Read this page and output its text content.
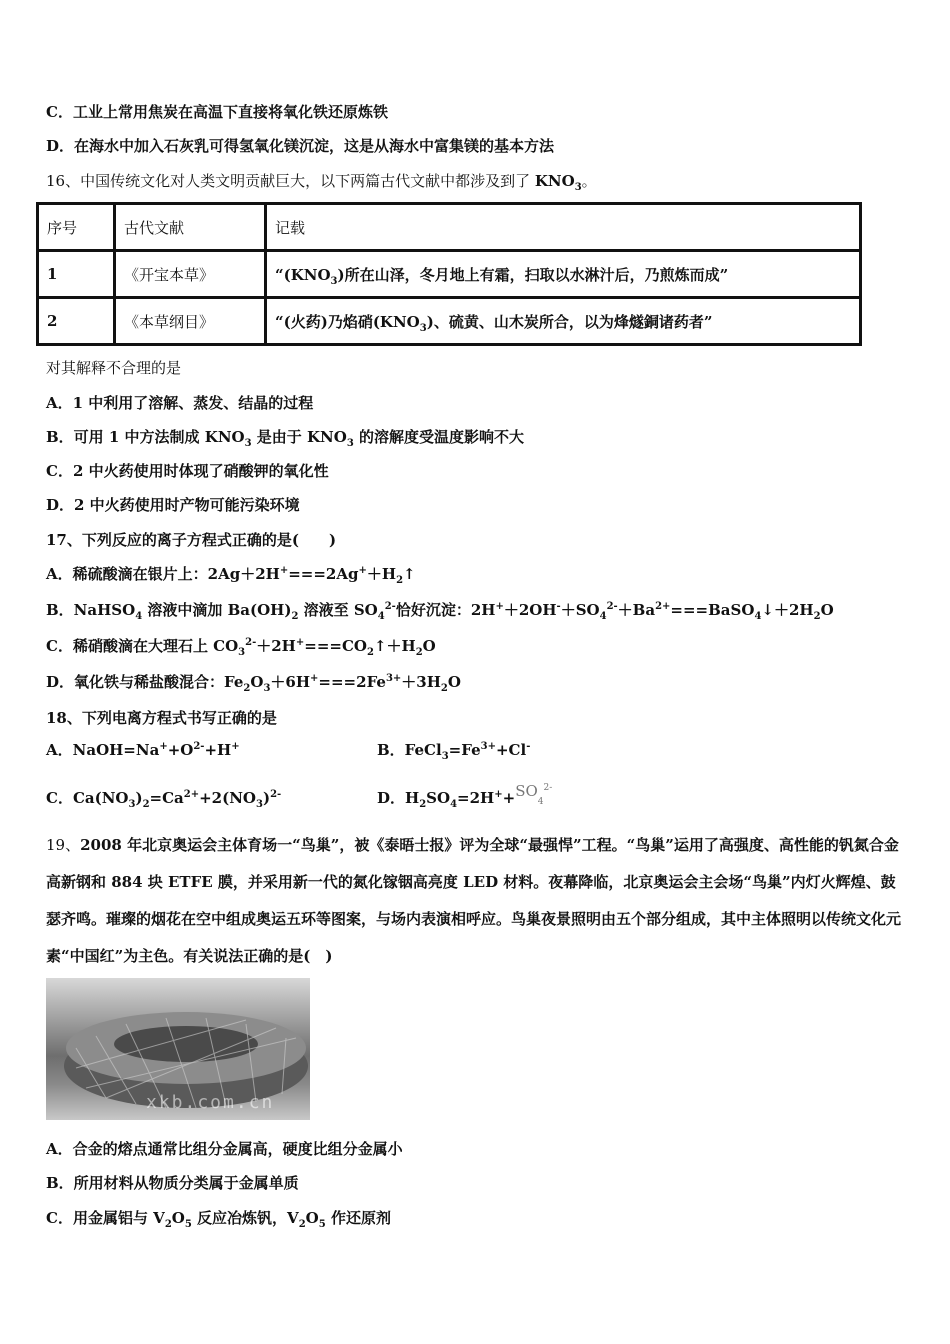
C．工业上常用焦炭在高温下直接将氧化铁还原炼铁
D．在海水中加入石灰乳可得氢氧化镁沉淀，这是从海水中富集镁的基本方法
16、中国传统文化对人类文明贡献巨大，以下两篇古代文献中都涉及到了 $KNO_3$。
序号	古代文献	记载
1	《开宝本草》	“$(KNO_3)$所在山泽，冬月地上有霜，扫取以水淋汁后，乃煎炼而成”
2	《本草纲目》	“(火药)乃焰硝$(KNO_3)$、硫黄、山木炭所合，以为烽燧銅诸药者”
对其解释不合理的是
A．1 中利用了溶解、蒸发、结晶的过程
B．可用 1 中方法制成 $KNO_3$ 是由于 $KNO_3$ 的溶解度受温度影响不大
C．2 中火药使用时体现了硝酸钾的氧化性
D．2 中火药使用时产物可能污染环境
17、下列反应的离子方程式正确的是(　　)
A．稀硫酸滴在银片上：$2Ag+2H^+===2Ag^++H_2↑$
B．NaHSO$_4$ 溶液中滴加 $Ba(OH)_2$ 溶液至 $SO_4^{2-}$恰好沉淀：$2H^++2OH^-+SO_4^{2-}+Ba^{2+}===BaSO_4↓+2H_2O$
C．稀硝酸滴在大理石上 $CO_3^{2-}+2H^+===CO_2↑+H_2O$
D．氧化铁与稀盐酸混合：$Fe_2O_3+6H^+===2Fe^{3+}+3H_2O$
18、下列电离方程式书写正确的是
A．$NaOH=Na^++O^{2-}+H^+$	B．$FeCl_3=Fe^{3+}+Cl^-$
C．$Ca(NO_3)_2=Ca^{2+}+2(NO_3)^{2-}$	D．$H_2SO_4=2H^++SO_4^{2-}$
19、2008 年北京奥运会主体育场一“鸟巢”，被《泰晤士报》评为全球“最强悍”工程。“鸟巢”运用了高强度、高性能的钒氮合金高新钢和 884 块 ETFE 膜，并采用新一代的氮化镓铟高亮度 LED 材料。夜幕降临，北京奥运会主会场“鸟巢”内灯火辉煌、鼓瑟齐鸣。璀璨的烟花在空中组成奥运五环等图案，与场内表演相呼应。鸟巢夜景照明由五个部分组成，其中主体照明以传统文化元素“中国红”为主色。有关说法正确的是(　)
xkb.com.cn
A．合金的熔点通常比组分金属高，硬度比组分金属小
B．所用材料从物质分类属于金属单质
C．用金属铝与 $V_2O_5$ 反应冶炼钒，$V_2O_5$ 作还原剂
